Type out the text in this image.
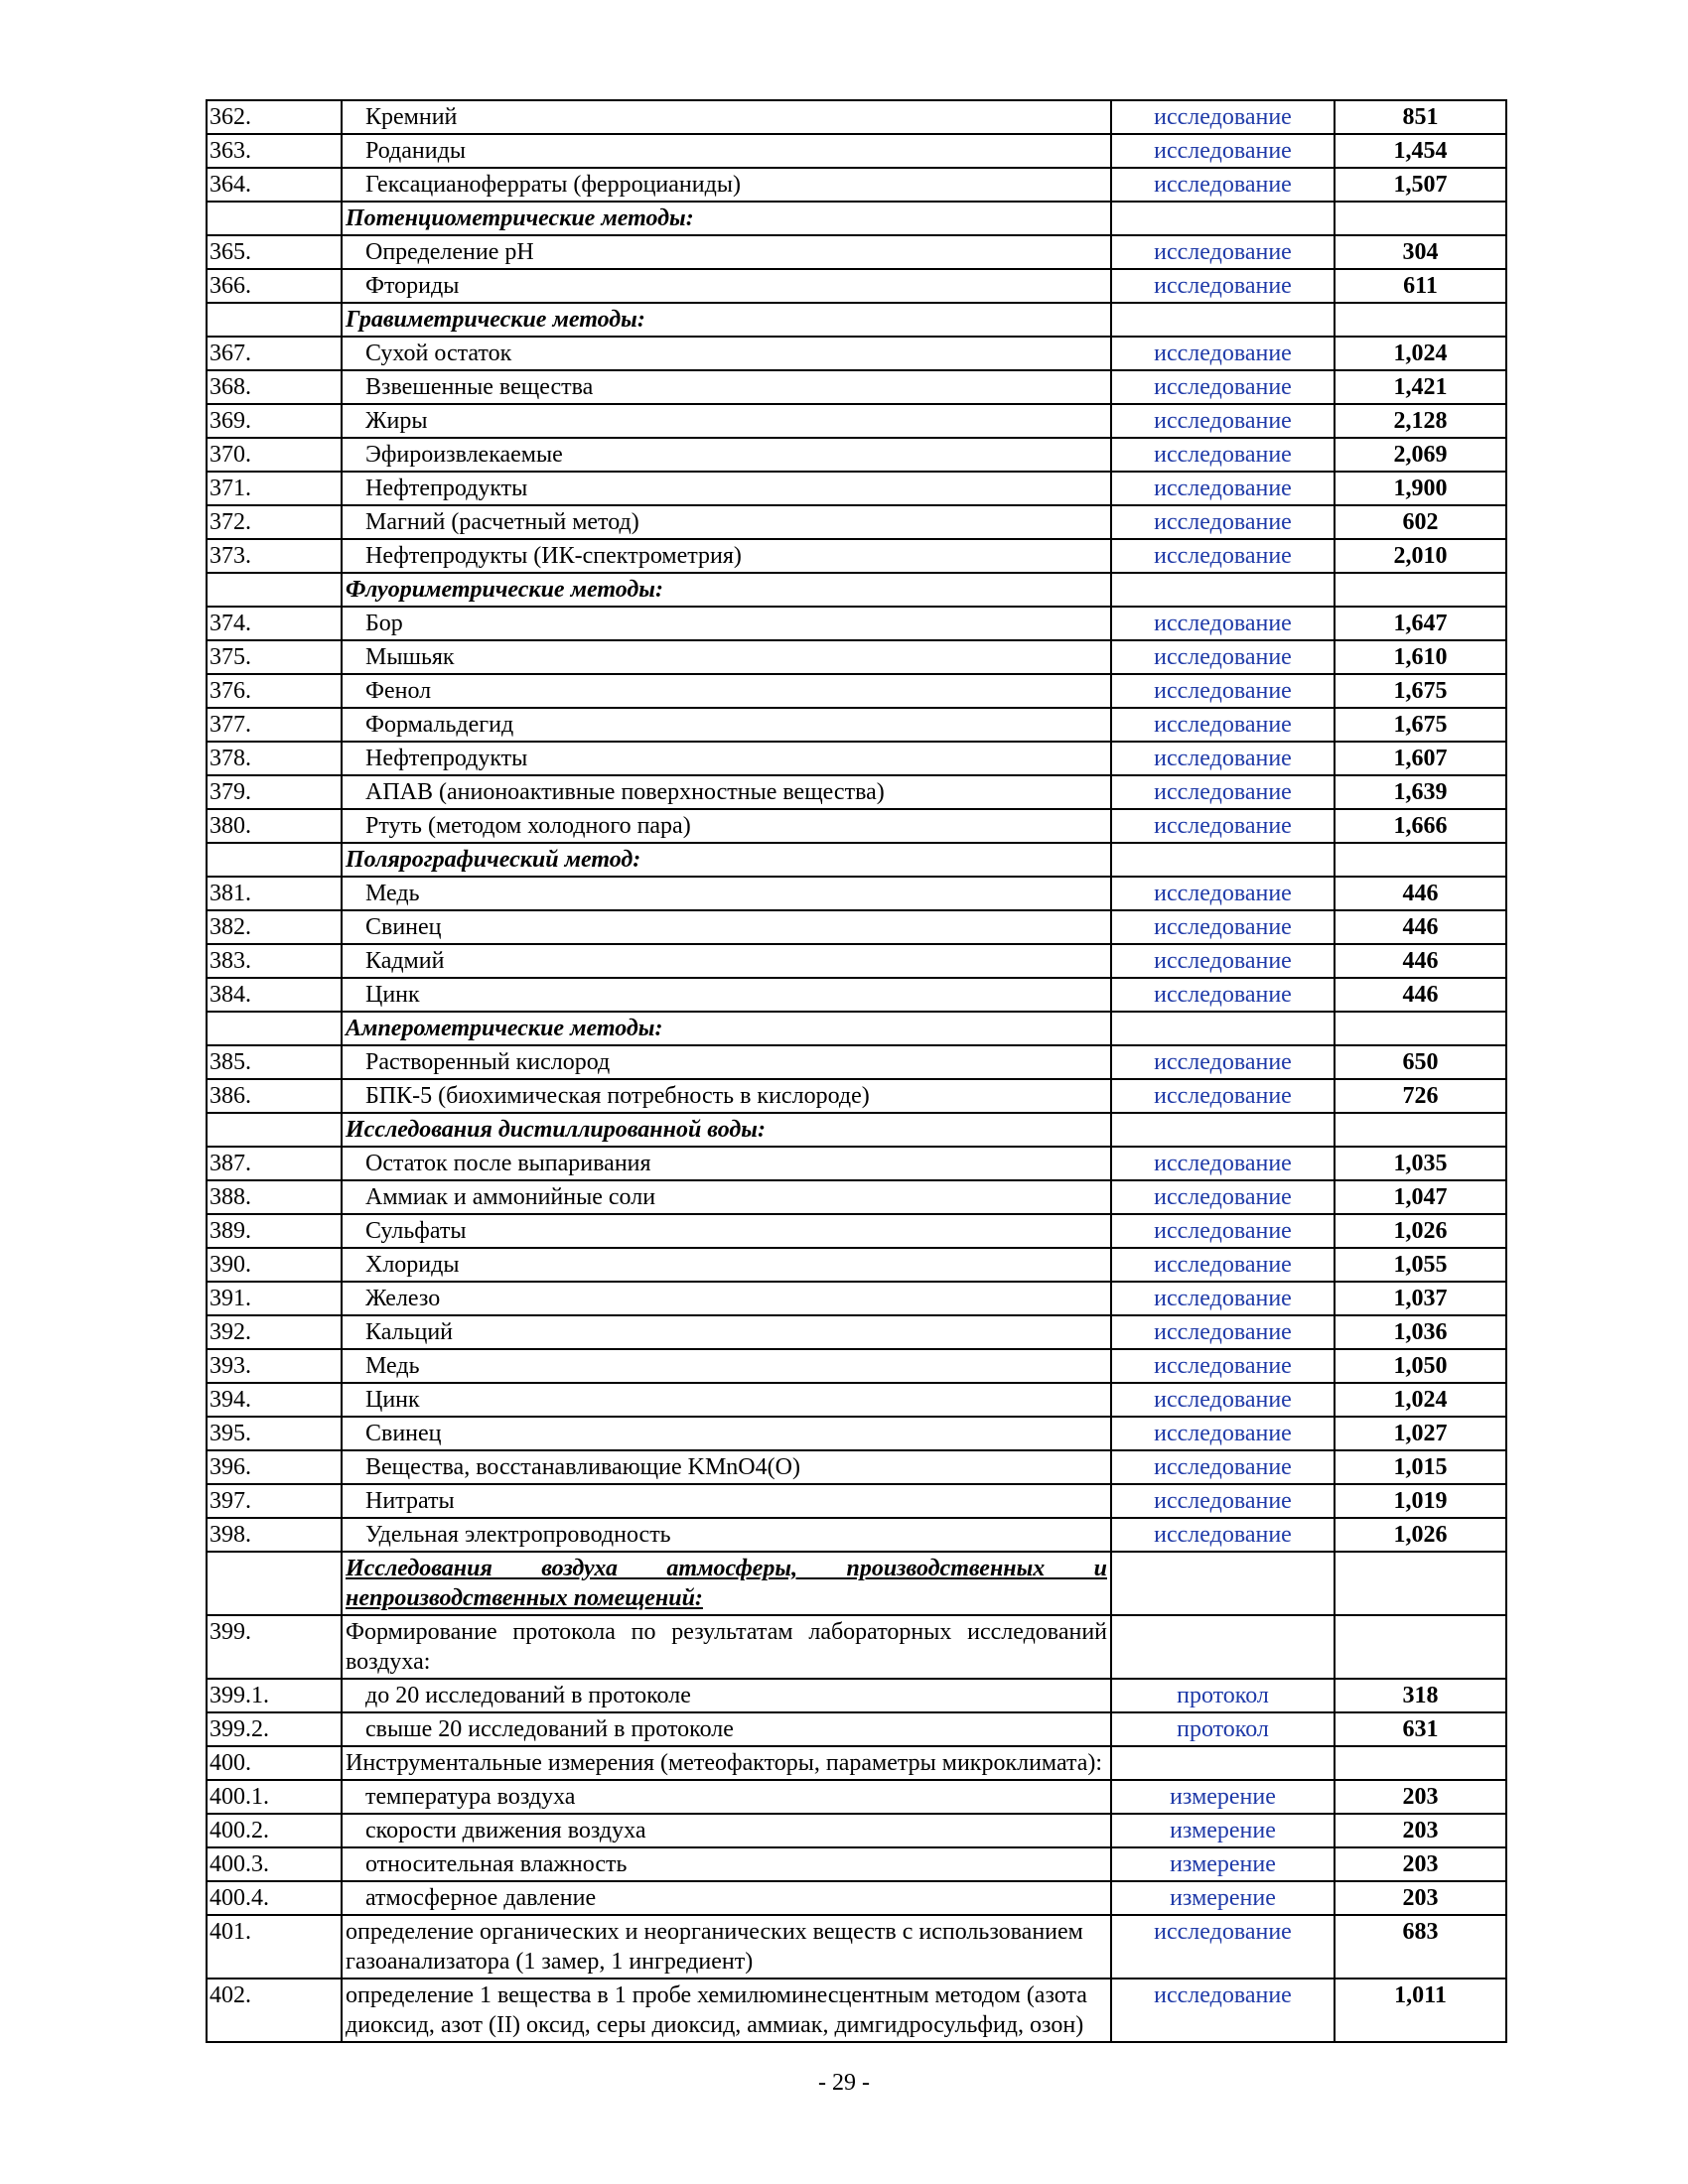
362.	Кремний	исследование	851
363.	Роданиды	исследование	1,454
364.	Гексацианоферраты (ферроцианиды)	исследование	1,507
	Потенциометрические методы:		
365.	Определение pH	исследование	304
366.	Фториды	исследование	611
	Гравиметрические методы:		
367.	Сухой остаток	исследование	1,024
368.	Взвешенные вещества	исследование	1,421
369.	Жиры	исследование	2,128
370.	Эфироизвлекаемые	исследование	2,069
371.	Нефтепродукты	исследование	1,900
372.	Магний (расчетный метод)	исследование	602
373.	Нефтепродукты (ИК-спектрометрия)	исследование	2,010
	Флуориметрические методы:		
374.	Бор	исследование	1,647
375.	Мышьяк	исследование	1,610
376.	Фенол	исследование	1,675
377.	Формальдегид	исследование	1,675
378.	Нефтепродукты	исследование	1,607
379.	АПАВ (анионоактивные поверхностные вещества)	исследование	1,639
380.	Ртуть (методом холодного пара)	исследование	1,666
	Полярографический метод:		
381.	Медь	исследование	446
382.	Свинец	исследование	446
383.	Кадмий	исследование	446
384.	Цинк	исследование	446
	Амперометрические методы:		
385.	Растворенный кислород	исследование	650
386.	БПК-5 (биохимическая потребность в кислороде)	исследование	726
	Исследования дистиллированной воды:		
387.	Остаток после выпаривания	исследование	1,035
388.	Аммиак и аммонийные соли	исследование	1,047
389.	Сульфаты	исследование	1,026
390.	Хлориды	исследование	1,055
391.	Железо	исследование	1,037
392.	Кальций	исследование	1,036
393.	Медь	исследование	1,050
394.	Цинк	исследование	1,024
395.	Свинец	исследование	1,027
396.	Вещества, восстанавливающие KMnO4(O)	исследование	1,015
397.	Нитраты	исследование	1,019
398.	Удельная электропроводность	исследование	1,026
	Исследования воздуха атмосферы, производственных и непроизводственных помещений:		
399.	Формирование протокола по результатам лабораторных исследований воздуха:		
399.1.	до 20 исследований в протоколе	протокол	318
399.2.	свыше 20 исследований в протоколе	протокол	631
400.	Инструментальные измерения (метеофакторы, параметры микроклимата):		
400.1.	температура воздуха	измерение	203
400.2.	скорости движения воздуха	измерение	203
400.3.	относительная влажность	измерение	203
400.4.	атмосферное давление	измерение	203
401.	определение органических и неорганических веществ с использованием газоанализатора (1 замер, 1 ингредиент)	исследование	683
402.	определение 1 вещества в 1 пробе хемилюминесцентным методом (азота диоксид, азот (II) оксид, серы диоксид, аммиак, димгидросульфид, озон)	исследование	1,011
- 29 -
